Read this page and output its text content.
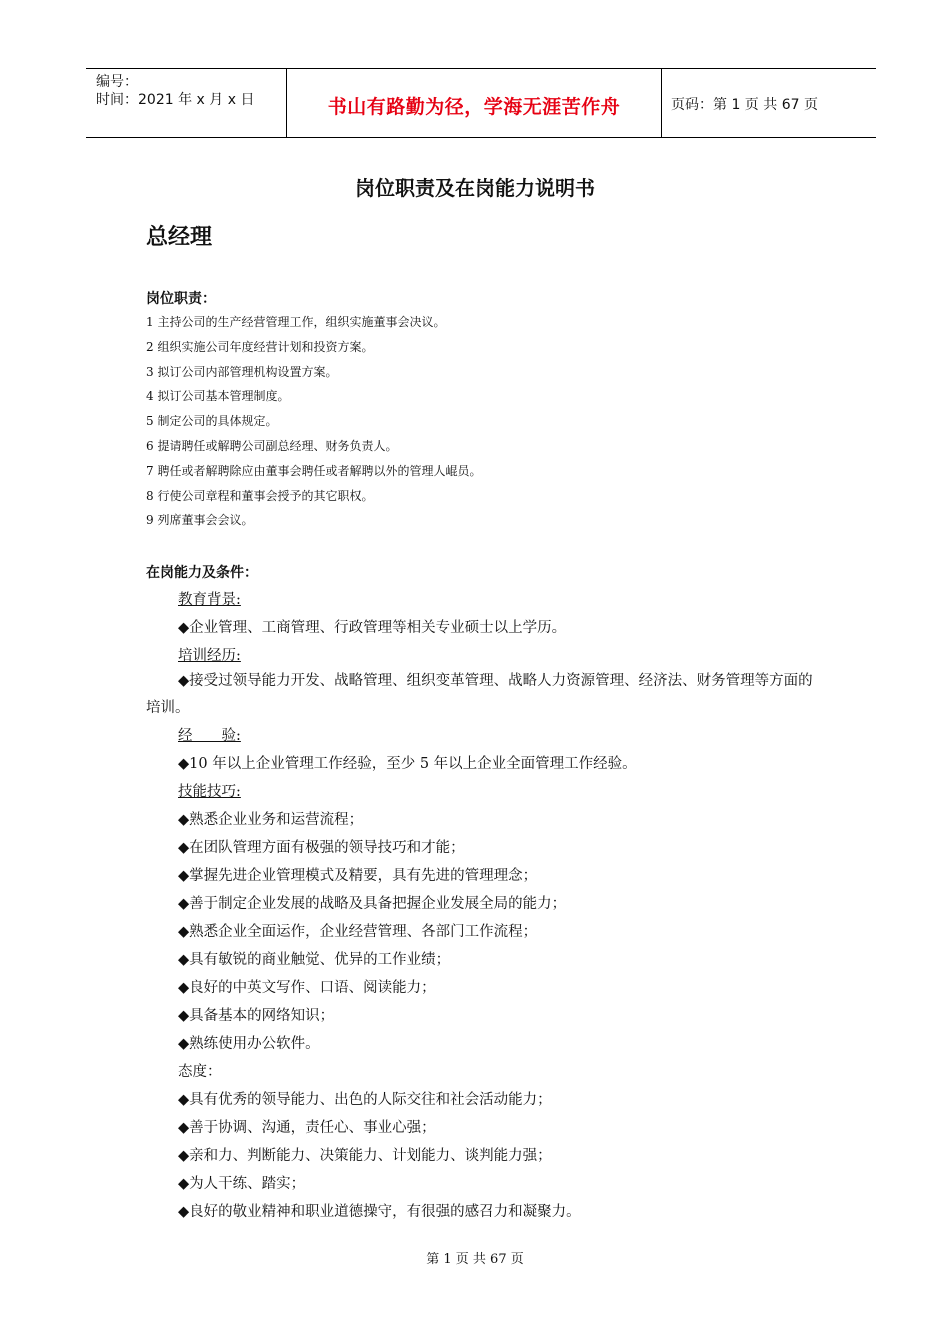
编号：
时间：2021 年 x 月 x 日	书山有路勤为径，学海无涯苦作舟	页码：第 1 页 共 67 页
岗位职责及在岗能力说明书
总经理
岗位职责：
1 主持公司的生产经营管理工作，组织实施董事会决议。
2 组织实施公司年度经营计划和投资方案。
3 拟订公司内部管理机构设置方案。
4 拟订公司基本管理制度。
5 制定公司的具体规定。
6 提请聘任或解聘公司副总经理、财务负责人。
7 聘任或者解聘除应由董事会聘任或者解聘以外的管理人崐员。
8 行使公司章程和董事会授予的其它职权。
9 列席董事会会议。
在岗能力及条件：
教育背景:
◆企业管理、工商管理、行政管理等相关专业硕士以上学历。
培训经历:
◆接受过领导能力开发、战略管理、组织变革管理、战略人力资源管理、经济法、财务管理等方面的培训。
经　　验:
◆10 年以上企业管理工作经验，至少 5 年以上企业全面管理工作经验。
技能技巧:
◆熟悉企业业务和运营流程；
◆在团队管理方面有极强的领导技巧和才能；
◆掌握先进企业管理模式及精要，具有先进的管理理念；
◆善于制定企业发展的战略及具备把握企业发展全局的能力；
◆熟悉企业全面运作，企业经营管理、各部门工作流程；
◆具有敏锐的商业触觉、优异的工作业绩；
◆良好的中英文写作、口语、阅读能力；
◆具备基本的网络知识；
◆熟练使用办公软件。
态度：
◆具有优秀的领导能力、出色的人际交往和社会活动能力；
◆善于协调、沟通，责任心、事业心强；
◆亲和力、判断能力、决策能力、计划能力、谈判能力强；
◆为人干练、踏实；
◆良好的敬业精神和职业道德操守，有很强的感召力和凝聚力。
第 1 页 共 67 页
